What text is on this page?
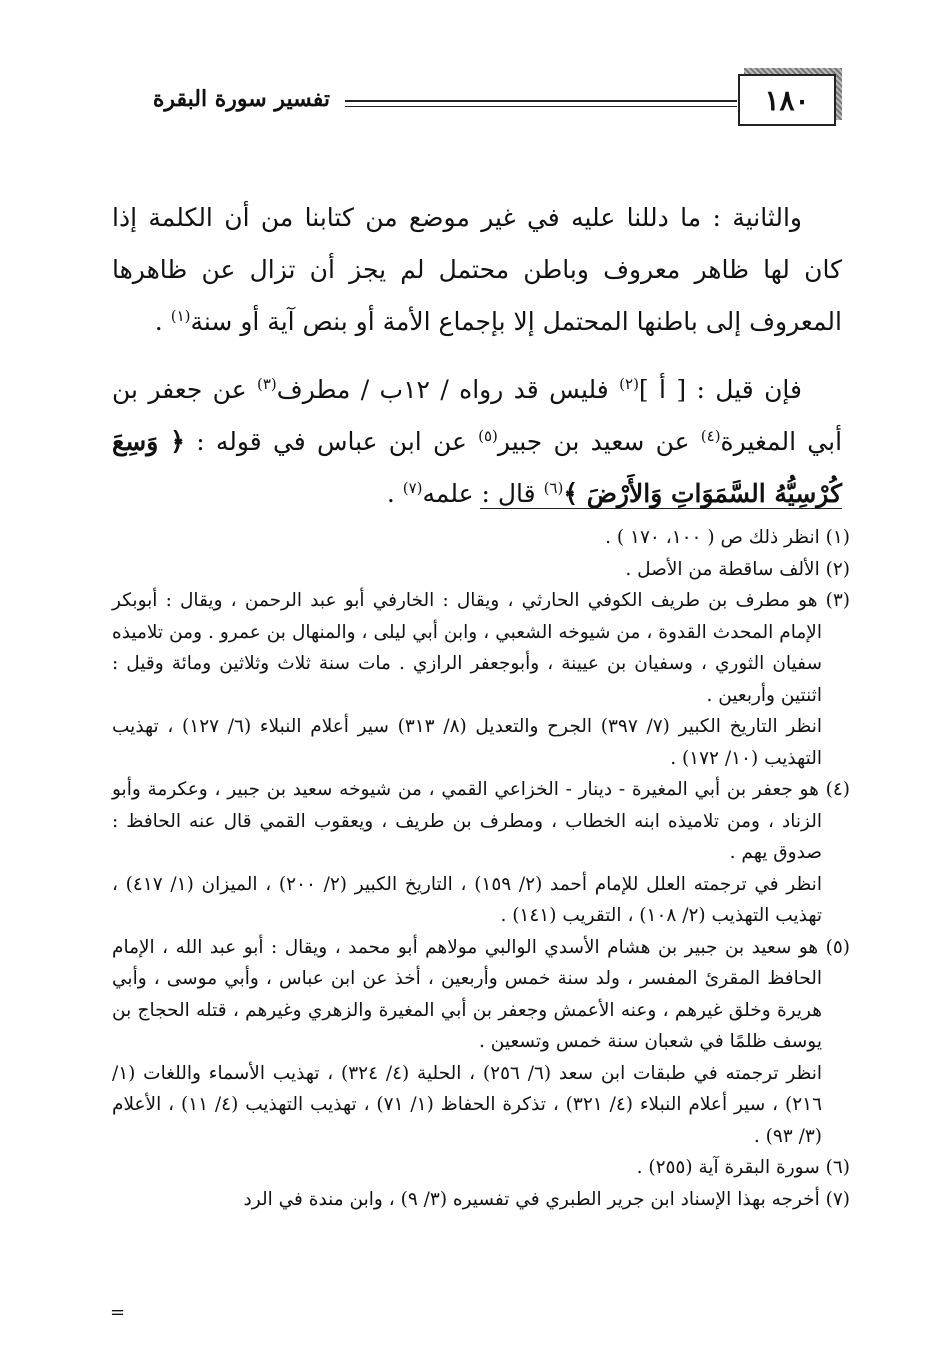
١٨٠
تفسير سورة البقرة

والثانية : ما دللنا عليه في غير موضع من كتابنا من أن الكلمة إذا كان لها ظاهر معروف وباطن محتمل لم يجز أن تزال عن ظاهرها المعروف إلى باطنها المحتمل إلا بإجماع الأمة أو بنص آية أو سنة$^{(١)}$ .

فإن قيل : [ أ ]$^{(٢)}$ فليس قد رواه / ١٢ب / مطرف$^{(٣)}$ عن جعفر بن أبي المغيرة$^{(٤)}$ عن سعيد بن جبير$^{(٥)}$ عن ابن عباس في قوله : ﴿ وَسِعَ كُرْسِيُّهُ السَّمَوَاتِ وَالأَرْضَ ﴾$^{(٦)}$ قال : علمه$^{(٧)}$ .

(١) انظر ذلك ص ( ١٠٠، ١٧٠ ) .

(٢) الألف ساقطة من الأصل .

(٣) هو مطرف بن طريف الكوفي الحارثي ، ويقال : الخارفي أبو عبد الرحمن ، ويقال : أبوبكر الإمام المحدث القدوة ، من شيوخه الشعبي ، وابن أبي ليلى ، والمنهال بن عمرو . ومن تلاميذه سفيان الثوري ، وسفيان بن عيينة ، وأبوجعفر الرازي . مات سنة ثلاث وثلاثين ومائة وقيل : اثنتين وأربعين .
انظر التاريخ الكبير (٧/ ٣٩٧) الجرح والتعديل (٨/ ٣١٣) سير أعلام النبلاء (٦/ ١٢٧) ، تهذيب التهذيب (١٠/ ١٧٢) .

(٤) هو جعفر بن أبي المغيرة - دينار - الخزاعي القمي ، من شيوخه سعيد بن جبير ، وعكرمة وأبو الزناد ، ومن تلاميذه ابنه الخطاب ، ومطرف بن طريف ، ويعقوب القمي قال عنه الحافظ : صدوق يهم .
انظر في ترجمته العلل للإمام أحمد (٢/ ١٥٩) ، التاريخ الكبير (٢/ ٢٠٠) ، الميزان (١/ ٤١٧) ، تهذيب التهذيب (٢/ ١٠٨) ، التقريب (١٤١) .

(٥) هو سعيد بن جبير بن هشام الأسدي الوالبي مولاهم أبو محمد ، ويقال : أبو عبد الله ، الإمام الحافظ المقرئ المفسر ، ولد سنة خمس وأربعين ، أخذ عن ابن عباس ، وأبي موسى ، وأبي هريرة وخلق غيرهم ، وعنه الأعمش وجعفر بن أبي المغيرة والزهري وغيرهم ، قتله الحجاج بن يوسف ظلمًا في شعبان سنة خمس وتسعين .
انظر ترجمته في طبقات ابن سعد (٦/ ٢٥٦) ، الحلية (٤/ ٣٢٤) ، تهذيب الأسماء واللغات (١/ ٢١٦) ، سير أعلام النبلاء (٤/ ٣٢١) ، تذكرة الحفاظ (١/ ٧١) ، تهذيب التهذيب (٤/ ١١) ، الأعلام (٣/ ٩٣) .

(٦) سورة البقرة آية (٢٥٥) .

(٧) أخرجه بهذا الإسناد ابن جرير الطبري في تفسيره (٣/ ٩) ، وابن مندة في الرد

=
